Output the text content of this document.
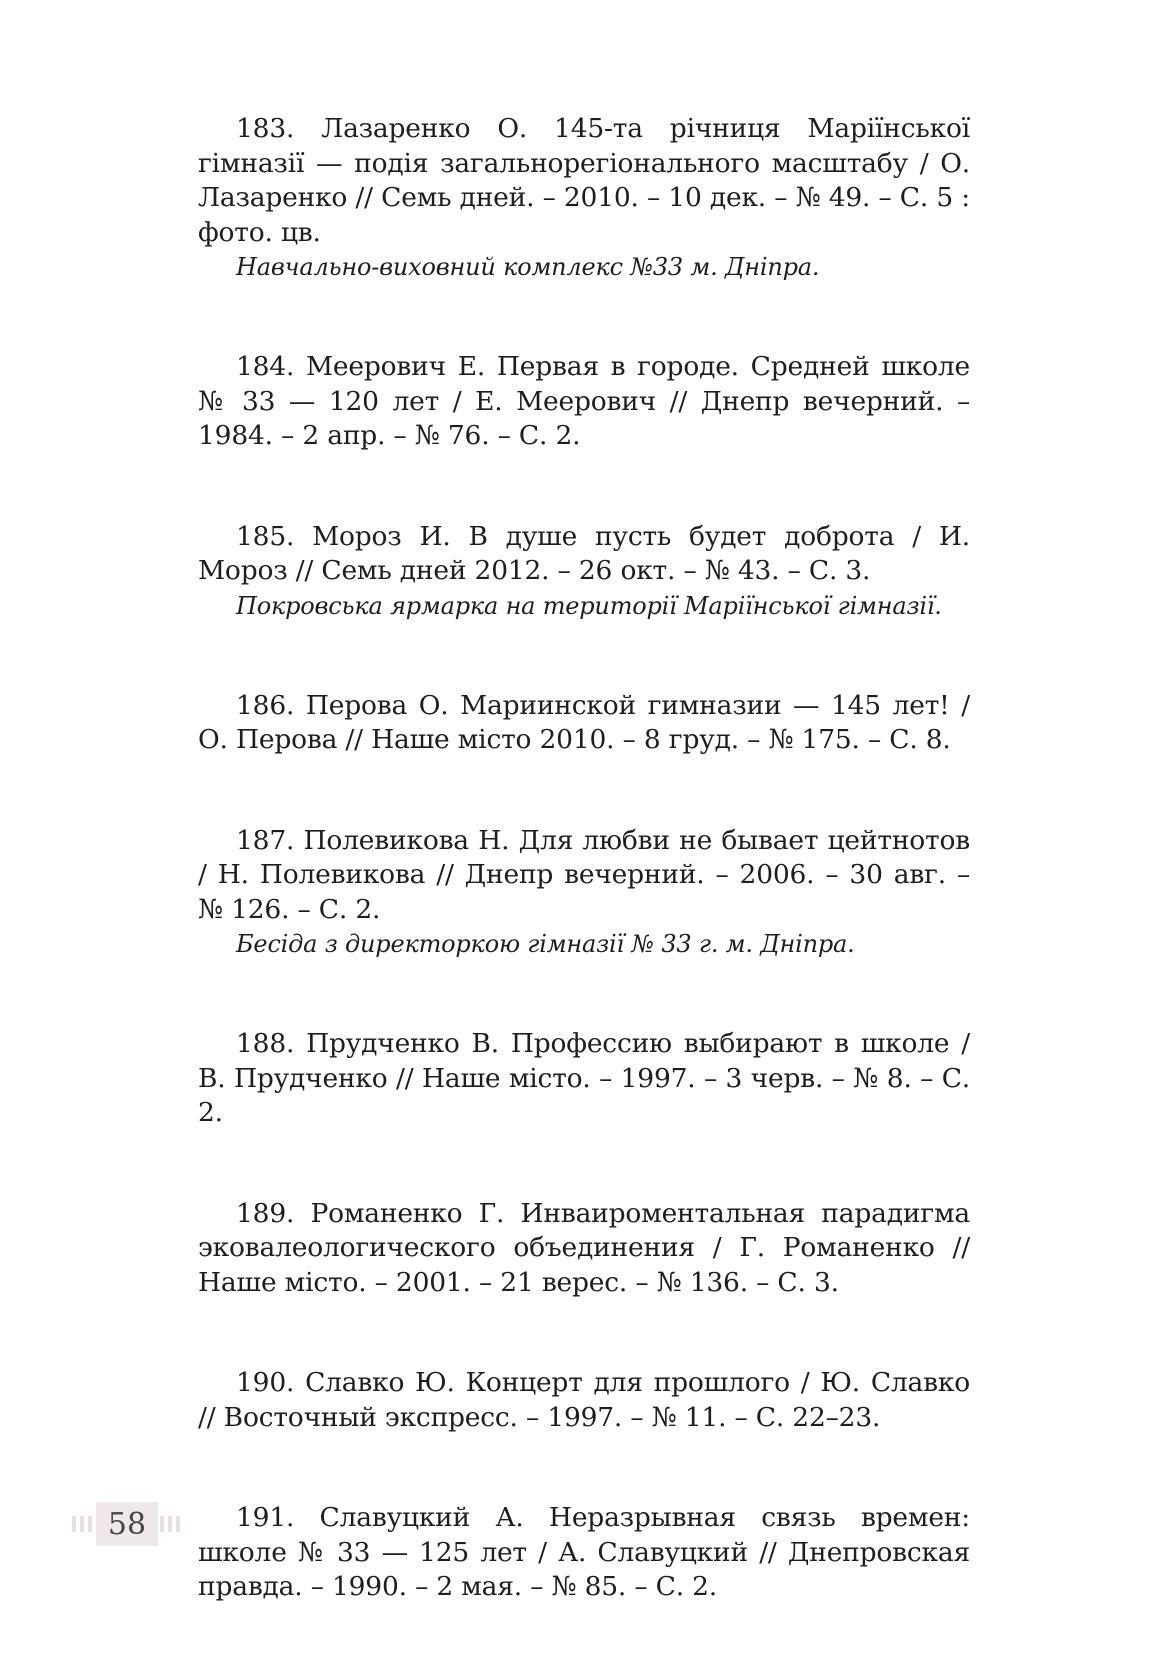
183. Лазаренко О. 145-та річниця Маріїнської гімназії — подія загальнорегіонального масштабу / О. Лазаренко // Семь дней. – 2010. – 10 дек. – № 49. – С. 5 : фото. цв.

Навчально-виховний комплекс №33 м. Дніпра.

184. Меерович Е. Первая в городе. Средней школе № 33 — 120 лет / Е. Меерович // Днепр вечерний. – 1984. – 2 апр. – № 76. – С. 2.

185. Мороз И. В душе пусть будет доброта / И. Мороз // Семь дней 2012. – 26 окт. – № 43. – С. 3.

Покровська ярмарка на території Маріїнської гімназії.

186. Перова О. Мариинской гимназии — 145 лет! / О. Перова // Наше місто 2010. – 8 груд. – № 175. – С. 8.

187. Полевикова Н. Для любви не бывает цейтнотов / Н. Полевикова // Днепр вечерний. – 2006. – 30 авг. – № 126. – С. 2.

Бесіда з директоркою гімназії № 33 г. м. Дніпра.

188. Прудченко В. Профессию выбирают в школе / В. Прудченко // Наше місто. – 1997. – 3 черв. – № 8. – С. 2.

189. Романенко Г. Инваироментальная парадигма эковалеологического объединения / Г. Романенко // Наше місто. – 2001. – 21 верес. – № 136. – С. 3.

190. Славко Ю. Концерт для прошлого / Ю. Славко // Восточный экспресс. – 1997. – № 11. – С. 22–23.

191. Славуцкий А. Неразрывная связь времен: школе № 33 — 125 лет / А. Славуцкий // Днепровская правда. – 1990. – 2 мая. – № 85. – С. 2.

58
